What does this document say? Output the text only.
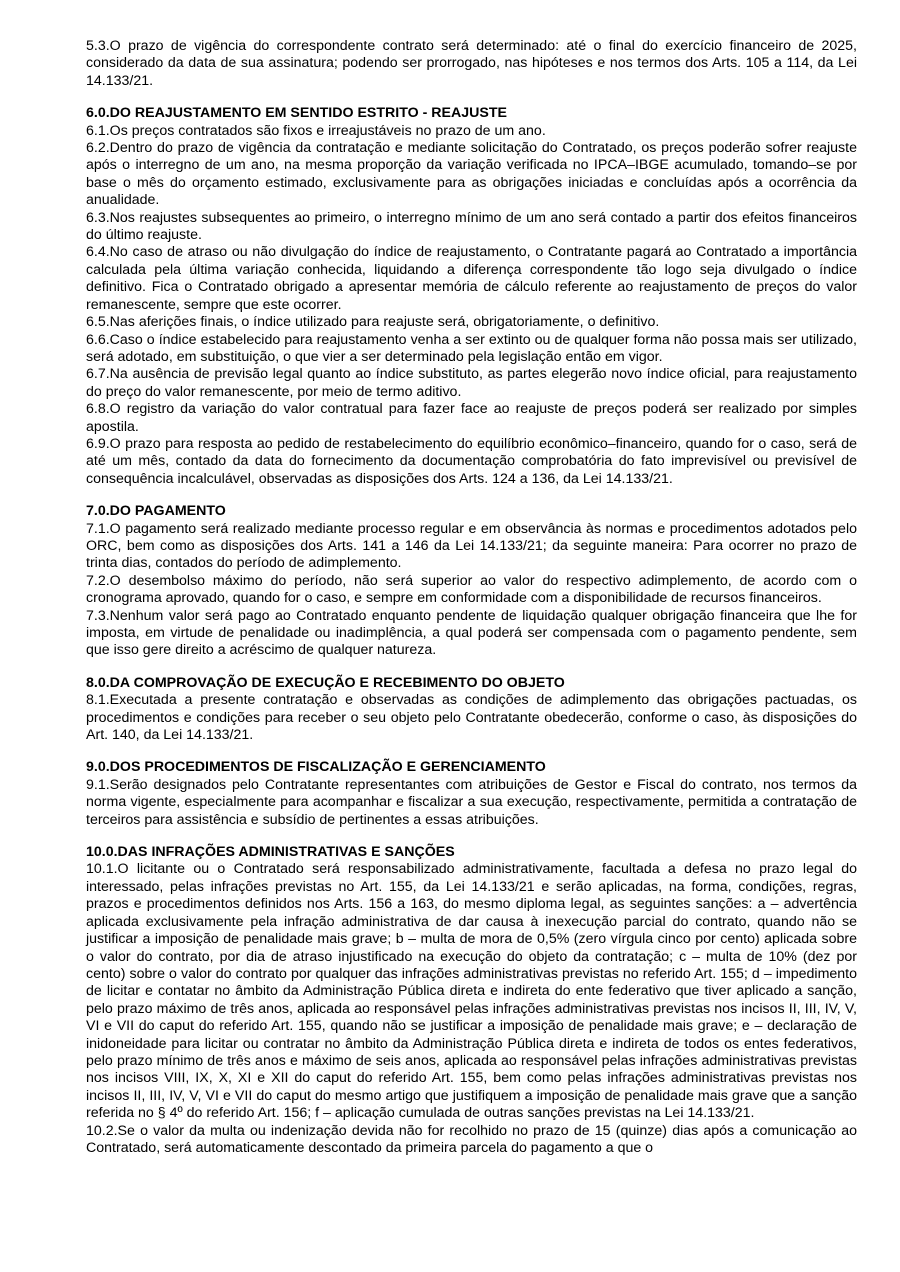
5.3.O prazo de vigência do correspondente contrato será determinado: até o final do exercício financeiro de 2025, considerado da data de sua assinatura; podendo ser prorrogado, nas hipóteses e nos termos dos Arts. 105 a 114, da Lei 14.133/21.

6.0.DO REAJUSTAMENTO EM SENTIDO ESTRITO - REAJUSTE

6.1.Os preços contratados são fixos e irreajustáveis no prazo de um ano.

6.2.Dentro do prazo de vigência da contratação e mediante solicitação do Contratado, os preços poderão sofrer reajuste após o interregno de um ano, na mesma proporção da variação verificada no IPCA–IBGE acumulado, tomando–se por base o mês do orçamento estimado, exclusivamente para as obrigações iniciadas e concluídas após a ocorrência da anualidade.

6.3.Nos reajustes subsequentes ao primeiro, o interregno mínimo de um ano será contado a partir dos efeitos financeiros do último reajuste.

6.4.No caso de atraso ou não divulgação do índice de reajustamento, o Contratante pagará ao Contratado a importância calculada pela última variação conhecida, liquidando a diferença correspondente tão logo seja divulgado o índice definitivo. Fica o Contratado obrigado a apresentar memória de cálculo referente ao reajustamento de preços do valor remanescente, sempre que este ocorrer.

6.5.Nas aferições finais, o índice utilizado para reajuste será, obrigatoriamente, o definitivo.

6.6.Caso o índice estabelecido para reajustamento venha a ser extinto ou de qualquer forma não possa mais ser utilizado, será adotado, em substituição, o que vier a ser determinado pela legislação então em vigor.

6.7.Na ausência de previsão legal quanto ao índice substituto, as partes elegerão novo índice oficial, para reajustamento do preço do valor remanescente, por meio de termo aditivo.

6.8.O registro da variação do valor contratual para fazer face ao reajuste de preços poderá ser realizado por simples apostila.

6.9.O prazo para resposta ao pedido de restabelecimento do equilíbrio econômico–financeiro, quando for o caso, será de até um mês, contado da data do fornecimento da documentação comprobatória do fato imprevisível ou previsível de consequência incalculável, observadas as disposições dos Arts. 124 a 136, da Lei 14.133/21.

7.0.DO PAGAMENTO

7.1.O pagamento será realizado mediante processo regular e em observância às normas e procedimentos adotados pelo ORC, bem como as disposições dos Arts. 141 a 146 da Lei 14.133/21; da seguinte maneira: Para ocorrer no prazo de trinta dias, contados do período de adimplemento.

7.2.O desembolso máximo do período, não será superior ao valor do respectivo adimplemento, de acordo com o cronograma aprovado, quando for o caso, e sempre em conformidade com a disponibilidade de recursos financeiros.

7.3.Nenhum valor será pago ao Contratado enquanto pendente de liquidação qualquer obrigação financeira que lhe for imposta, em virtude de penalidade ou inadimplência, a qual poderá ser compensada com o pagamento pendente, sem que isso gere direito a acréscimo de qualquer natureza.

8.0.DA COMPROVAÇÃO DE EXECUÇÃO E RECEBIMENTO DO OBJETO

8.1.Executada a presente contratação e observadas as condições de adimplemento das obrigações pactuadas, os procedimentos e condições para receber o seu objeto pelo Contratante obedecerão, conforme o caso, às disposições do Art. 140, da Lei 14.133/21.

9.0.DOS PROCEDIMENTOS DE FISCALIZAÇÃO E GERENCIAMENTO

9.1.Serão designados pelo Contratante representantes com atribuições de Gestor e Fiscal do contrato, nos termos da norma vigente, especialmente para acompanhar e fiscalizar a sua execução, respectivamente, permitida a contratação de terceiros para assistência e subsídio de pertinentes a essas atribuições.

10.0.DAS INFRAÇÕES ADMINISTRATIVAS E SANÇÕES

10.1.O licitante ou o Contratado será responsabilizado administrativamente, facultada a defesa no prazo legal do interessado, pelas infrações previstas no Art. 155, da Lei 14.133/21 e serão aplicadas, na forma, condições, regras, prazos e procedimentos definidos nos Arts. 156 a 163, do mesmo diploma legal, as seguintes sanções: a – advertência aplicada exclusivamente pela infração administrativa de dar causa à inexecução parcial do contrato, quando não se justificar a imposição de penalidade mais grave; b – multa de mora de 0,5% (zero vírgula cinco por cento) aplicada sobre o valor do contrato, por dia de atraso injustificado na execução do objeto da contratação; c – multa de 10% (dez por cento) sobre o valor do contrato por qualquer das infrações administrativas previstas no referido Art. 155; d – impedimento de licitar e contatar no âmbito da Administração Pública direta e indireta do ente federativo que tiver aplicado a sanção, pelo prazo máximo de três anos, aplicada ao responsável pelas infrações administrativas previstas nos incisos II, III, IV, V, VI e VII do caput do referido Art. 155, quando não se justificar a imposição de penalidade mais grave; e – declaração de inidoneidade para licitar ou contratar no âmbito da Administração Pública direta e indireta de todos os entes federativos, pelo prazo mínimo de três anos e máximo de seis anos, aplicada ao responsável pelas infrações administrativas previstas nos incisos VIII, IX, X, XI e XII do caput do referido Art. 155, bem como pelas infrações administrativas previstas nos incisos II, III, IV, V, VI e VII do caput do mesmo artigo que justifiquem a imposição de penalidade mais grave que a sanção referida no § 4º do referido Art. 156; f – aplicação cumulada de outras sanções previstas na Lei 14.133/21.

10.2.Se o valor da multa ou indenização devida não for recolhido no prazo de 15 (quinze) dias após a comunicação ao Contratado, será automaticamente descontado da primeira parcela do pagamento a que o
